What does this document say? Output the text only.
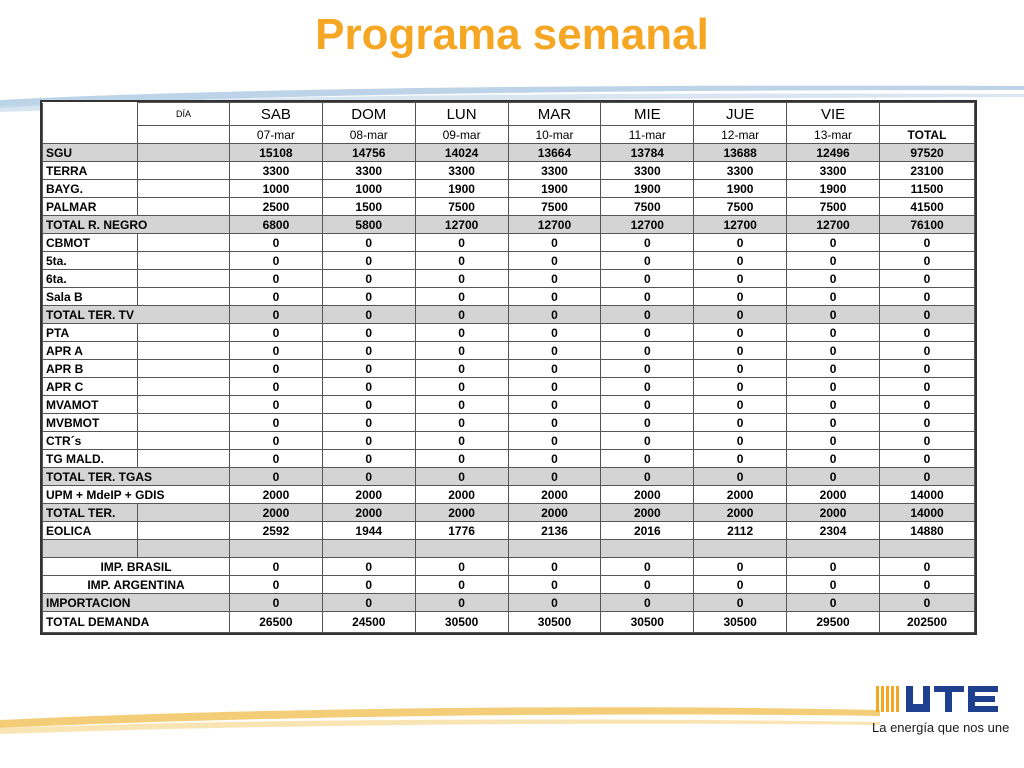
Programa semanal
	DÍA	SAB	DOM	LUN	MAR	MIE	JUE	VIE	
		07-mar	08-mar	09-mar	10-mar	11-mar	12-mar	13-mar	TOTAL
SGU		15108	14756	14024	13664	13784	13688	12496	97520
TERRA		3300	3300	3300	3300	3300	3300	3300	23100
BAYG.		1000	1000	1900	1900	1900	1900	1900	11500
PALMAR		2500	1500	7500	7500	7500	7500	7500	41500
TOTAL R. NEGRO		6800	5800	12700	12700	12700	12700	12700	76100
CBMOT		0	0	0	0	0	0	0	0
5ta.		0	0	0	0	0	0	0	0
6ta.		0	0	0	0	0	0	0	0
Sala B		0	0	0	0	0	0	0	0
TOTAL TER. TV		0	0	0	0	0	0	0	0
PTA		0	0	0	0	0	0	0	0
APR A		0	0	0	0	0	0	0	0
APR B		0	0	0	0	0	0	0	0
APR C		0	0	0	0	0	0	0	0
MVAMOT		0	0	0	0	0	0	0	0
MVBMOT		0	0	0	0	0	0	0	0
CTR´s		0	0	0	0	0	0	0	0
TG MALD.		0	0	0	0	0	0	0	0
TOTAL TER. TGAS		0	0	0	0	0	0	0	0
UPM + MdeIP + GDIS		2000	2000	2000	2000	2000	2000	2000	14000
TOTAL TER.		2000	2000	2000	2000	2000	2000	2000	14000
EOLICA		2592	1944	1776	2136	2016	2112	2304	14880

IMP. BRASIL		0	0	0	0	0	0	0	0
IMP. ARGENTINA		0	0	0	0	0	0	0	0
IMPORTACION		0	0	0	0	0	0	0	0
TOTAL DEMANDA		26500	24500	30500	30500	30500	30500	29500	202500
La energía que nos une
